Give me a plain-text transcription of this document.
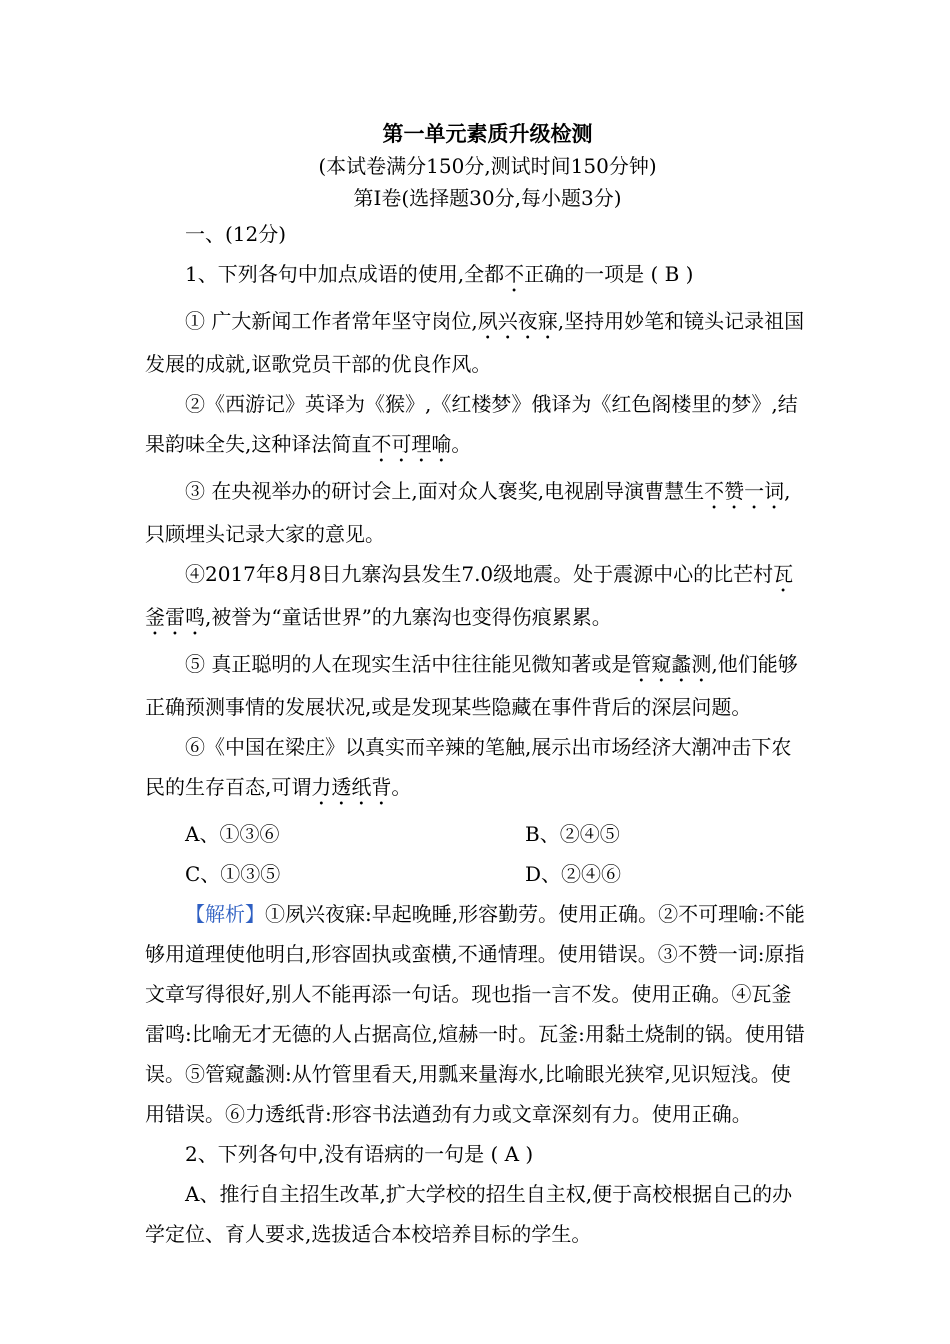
第一单元素质升级检测
(本试卷满分150分,测试时间150分钟)
第Ⅰ卷(选择题30分,每小题3分)

一、(12分)

1、下列各句中加点成语的使用,全都不正确的一项是 ( B )

① 广大新闻工作者常年坚守岗位,夙兴夜寐,坚持用妙笔和镜头记录祖国发展的成就,讴歌党员干部的优良作风。

②《西游记》英译为《猴》,《红楼梦》俄译为《红色阁楼里的梦》,结果韵味全失,这种译法简直不可理喻。

③ 在央视举办的研讨会上,面对众人褒奖,电视剧导演曹慧生不赞一词,只顾埋头记录大家的意见。

④2017年8月8日九寨沟县发生7.0级地震。处于震源中心的比芒村瓦釜雷鸣,被誉为“童话世界”的九寨沟也变得伤痕累累。

⑤ 真正聪明的人在现实生活中往往能见微知著或是管窥蠡测,他们能够正确预测事情的发展状况,或是发现某些隐藏在事件背后的深层问题。

⑥《中国在梁庄》以真实而辛辣的笔触,展示出市场经济大潮冲击下农民的生存百态,可谓力透纸背。

A、①③⑥	B、②④⑤
C、①③⑤	D、②④⑥

【解析】①夙兴夜寐:早起晚睡,形容勤劳。使用正确。②不可理喻:不能够用道理使他明白,形容固执或蛮横,不通情理。使用错误。③不赞一词:原指文章写得很好,别人不能再添一句话。现也指一言不发。使用正确。④瓦釜雷鸣:比喻无才无德的人占据高位,煊赫一时。瓦釜:用黏土烧制的锅。使用错误。⑤管窥蠡测:从竹管里看天,用瓢来量海水,比喻眼光狭窄,见识短浅。使用错误。⑥力透纸背:形容书法遒劲有力或文章深刻有力。使用正确。

2、下列各句中,没有语病的一句是 ( A )

A、推行自主招生改革,扩大学校的招生自主权,便于高校根据自己的办学定位、育人要求,选拔适合本校培养目标的学生。
